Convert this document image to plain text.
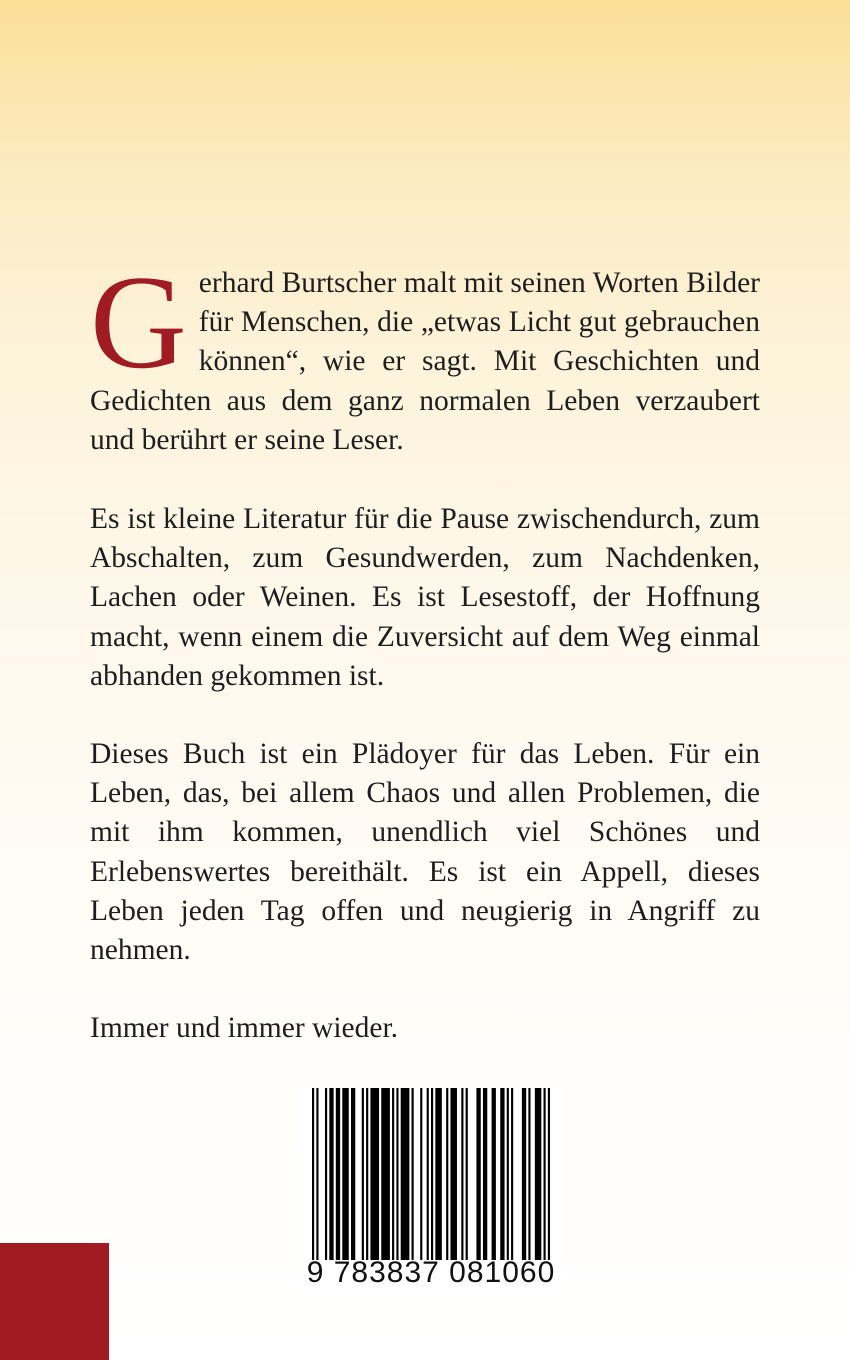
Gerhard Burtscher malt mit seinen Worten Bilder für Menschen, die „etwas Licht gut gebrauchen können“, wie er sagt. Mit Geschichten und Gedichten aus dem ganz normalen Leben verzaubert und berührt er seine Leser.

Es ist kleine Literatur für die Pause zwischendurch, zum Abschalten, zum Gesundwerden, zum Nachdenken, Lachen oder Weinen. Es ist Lesestoff, der Hoffnung macht, wenn einem die Zuversicht auf dem Weg einmal abhanden gekommen ist.

Dieses Buch ist ein Plädoyer für das Leben. Für ein Leben, das, bei allem Chaos und allen Problemen, die mit ihm kommen, unendlich viel Schönes und Erlebenswertes bereithält. Es ist ein Appell, dieses Leben jeden Tag offen und neugierig in Angriff zu nehmen.

Immer und immer wieder.

9 783837 081060
